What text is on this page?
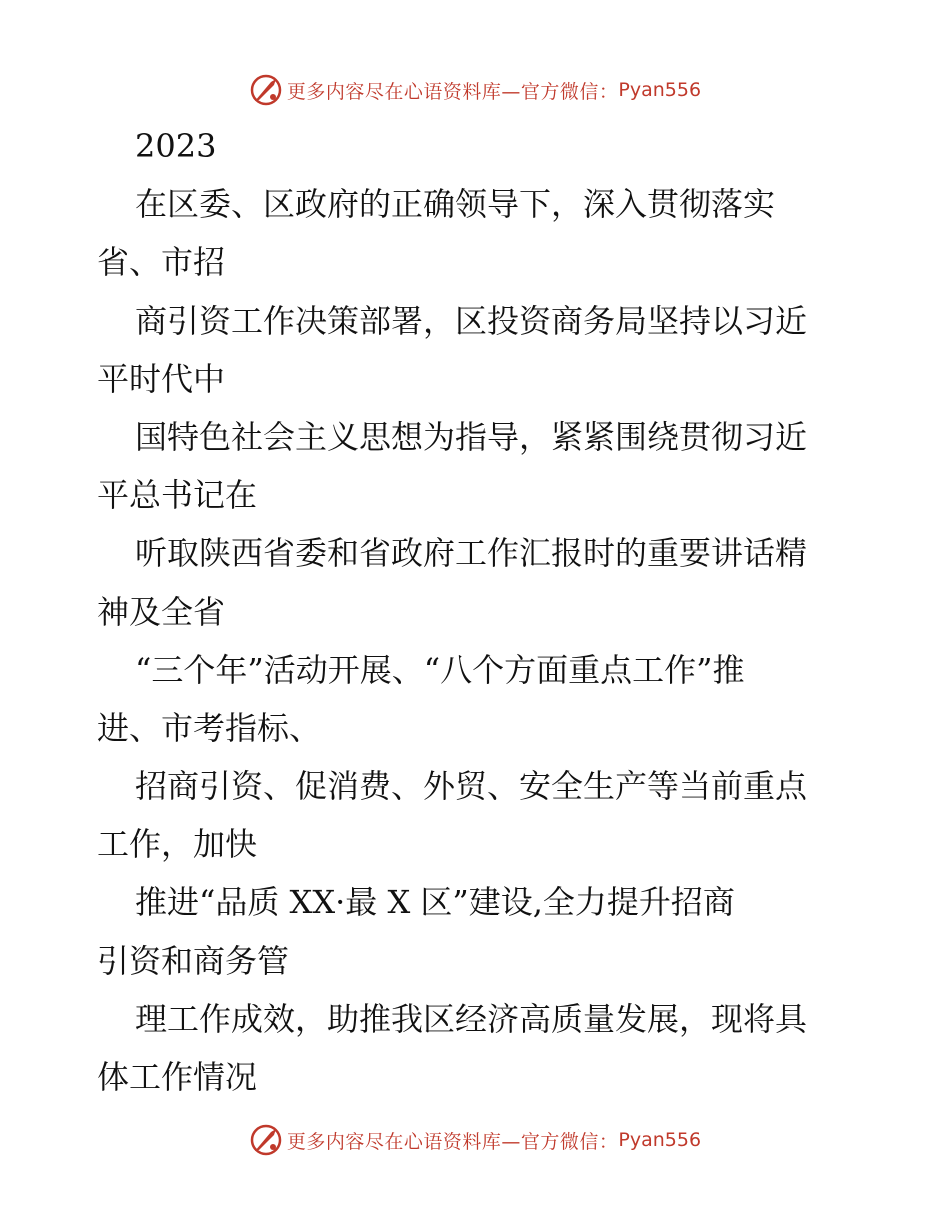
更多内容尽在心语资料库—官方微信： Pyan556
2023
在区委、区政府的正确领导下，深入贯彻落实
省、市招
商引资工作决策部署，区投资商务局坚持以习近
平时代中
国特色社会主义思想为指导，紧紧围绕贯彻习近
平总书记在
听取陕西省委和省政府工作汇报时的重要讲话精
神及全省
“三个年”活动开展、“八个方面重点工作”推
进、市考指标、
招商引资、促消费、外贸、安全生产等当前重点
工作，加快
推进“品质 XX·最 X 区”建设,全力提升招商
引资和商务管
理工作成效，助推我区经济高质量发展，现将具
体工作情况
更多内容尽在心语资料库—官方微信： Pyan556
